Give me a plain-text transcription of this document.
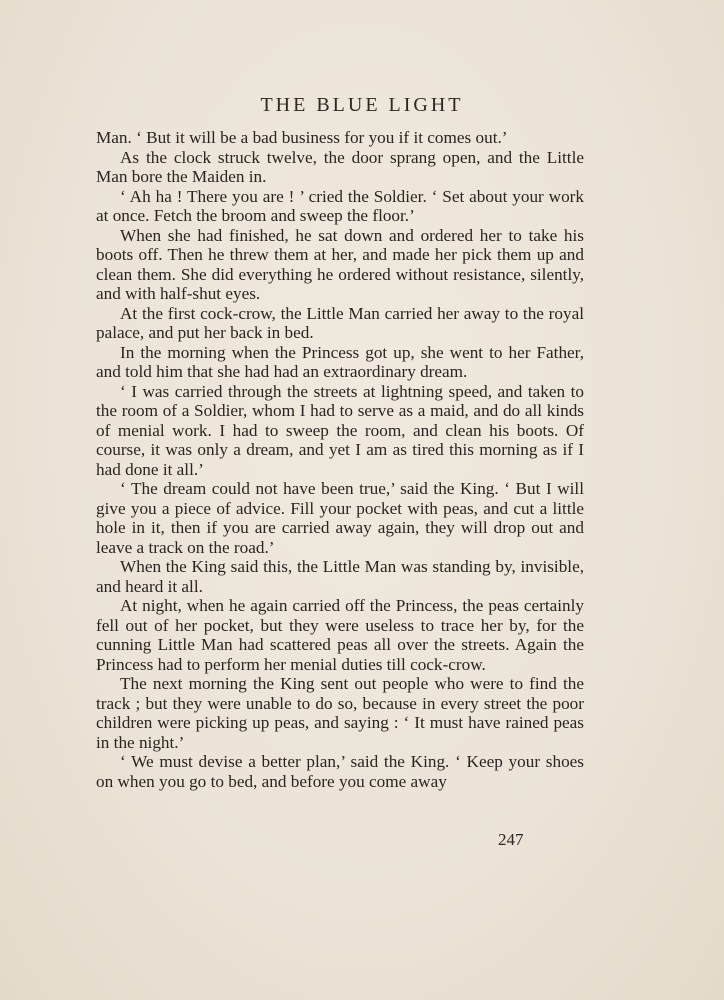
THE BLUE LIGHT

Man. ‘ But it will be a bad business for you if it comes out.’

As the clock struck twelve, the door sprang open, and the Little Man bore the Maiden in.

‘ Ah ha ! There you are ! ’ cried the Soldier. ‘ Set about your work at once. Fetch the broom and sweep the floor.’

When she had finished, he sat down and ordered her to take his boots off. Then he threw them at her, and made her pick them up and clean them. She did everything he ordered without resistance, silently, and with half-shut eyes.

At the first cock-crow, the Little Man carried her away to the royal palace, and put her back in bed.

In the morning when the Princess got up, she went to her Father, and told him that she had had an extraordinary dream.

‘ I was carried through the streets at lightning speed, and taken to the room of a Soldier, whom I had to serve as a maid, and do all kinds of menial work. I had to sweep the room, and clean his boots. Of course, it was only a dream, and yet I am as tired this morning as if I had done it all.’

‘ The dream could not have been true,’ said the King. ‘ But I will give you a piece of advice. Fill your pocket with peas, and cut a little hole in it, then if you are carried away again, they will drop out and leave a track on the road.’

When the King said this, the Little Man was standing by, invisible, and heard it all.

At night, when he again carried off the Princess, the peas certainly fell out of her pocket, but they were useless to trace her by, for the cunning Little Man had scattered peas all over the streets. Again the Princess had to perform her menial duties till cock-crow.

The next morning the King sent out people who were to find the track ; but they were unable to do so, because in every street the poor children were picking up peas, and saying : ‘ It must have rained peas in the night.’

‘ We must devise a better plan,’ said the King. ‘ Keep your shoes on when you go to bed, and before you come away

247
